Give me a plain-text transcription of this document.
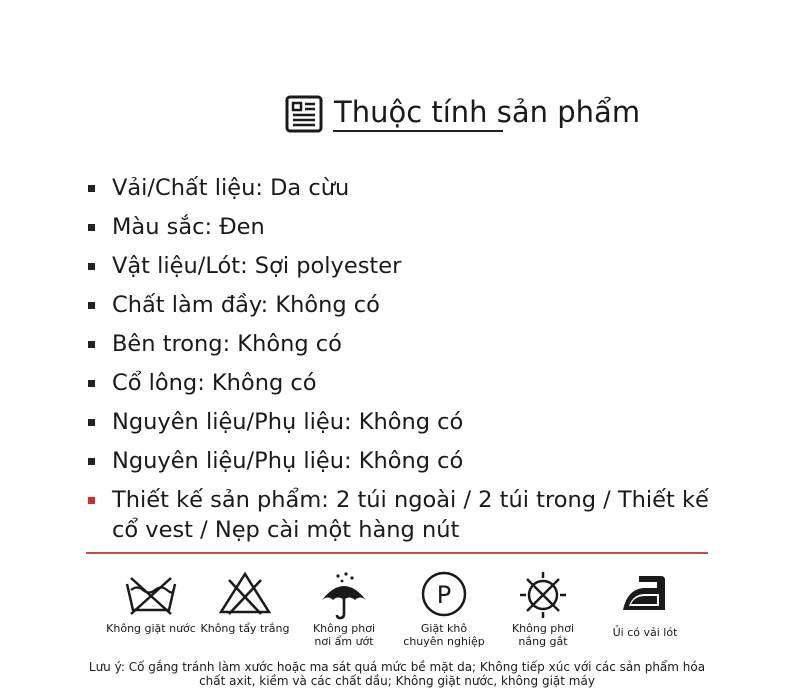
Thuộc tính sản phẩm
Vải/Chất liệu: Da cừu
Màu sắc: Đen
Vật liệu/Lót: Sợi polyester
Chất làm đầy: Không có
Bên trong: Không có
Cổ lông: Không có
Nguyên liệu/Phụ liệu: Không có
Nguyên liệu/Phụ liệu: Không có
Thiết kế sản phẩm: 2 túi ngoài / 2 túi trong / Thiết kế cổ vest / Nẹp cài một hàng nút
Không giặt nước Không tẩy trắng	Không phơi
nơi ẩm ướt
P
Giặt khô
chuyên nghiệp
Không phơi
nắng gắt
Ủi có vải lót
Lưu ý: Cố gắng tránh làm xước hoặc ma sát quá mức bề mặt da; Không tiếp xúc với các sản phẩm hóa
chất axit, kiềm và các chất dầu; Không giặt nước, không giặt máy
